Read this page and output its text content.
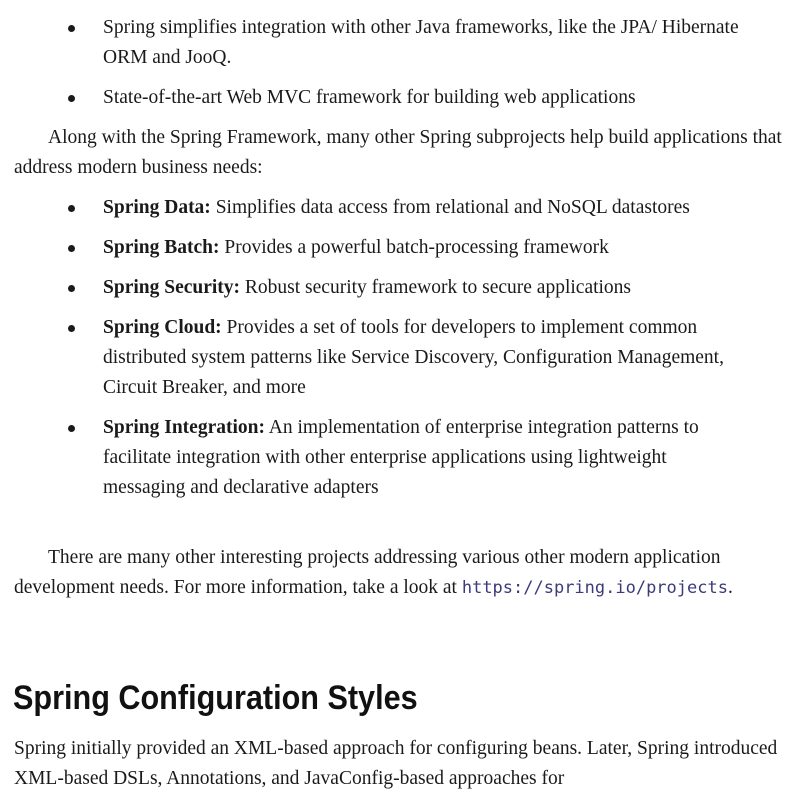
Spring simplifies integration with other Java frameworks, like the JPA/ Hibernate ORM and JooQ.
State-of-the-art Web MVC framework for building web applications

Along with the Spring Framework, many other Spring subprojects help build applications that address modern business needs:

Spring Data: Simplifies data access from relational and NoSQL datastores
Spring Batch: Provides a powerful batch-processing framework
Spring Security: Robust security framework to secure applications
Spring Cloud: Provides a set of tools for developers to implement common distributed system patterns like Service Discovery, Configuration Management, Circuit Breaker, and more
Spring Integration: An implementation of enterprise integration patterns to facilitate integration with other enterprise applications using lightweight messaging and declarative adapters

There are many other interesting projects addressing various other modern application development needs. For more information, take a look at https://spring.io/projects.

Spring Configuration Styles

Spring initially provided an XML-based approach for configuring beans. Later, Spring introduced XML-based DSLs, Annotations, and JavaConfig-based approaches for
